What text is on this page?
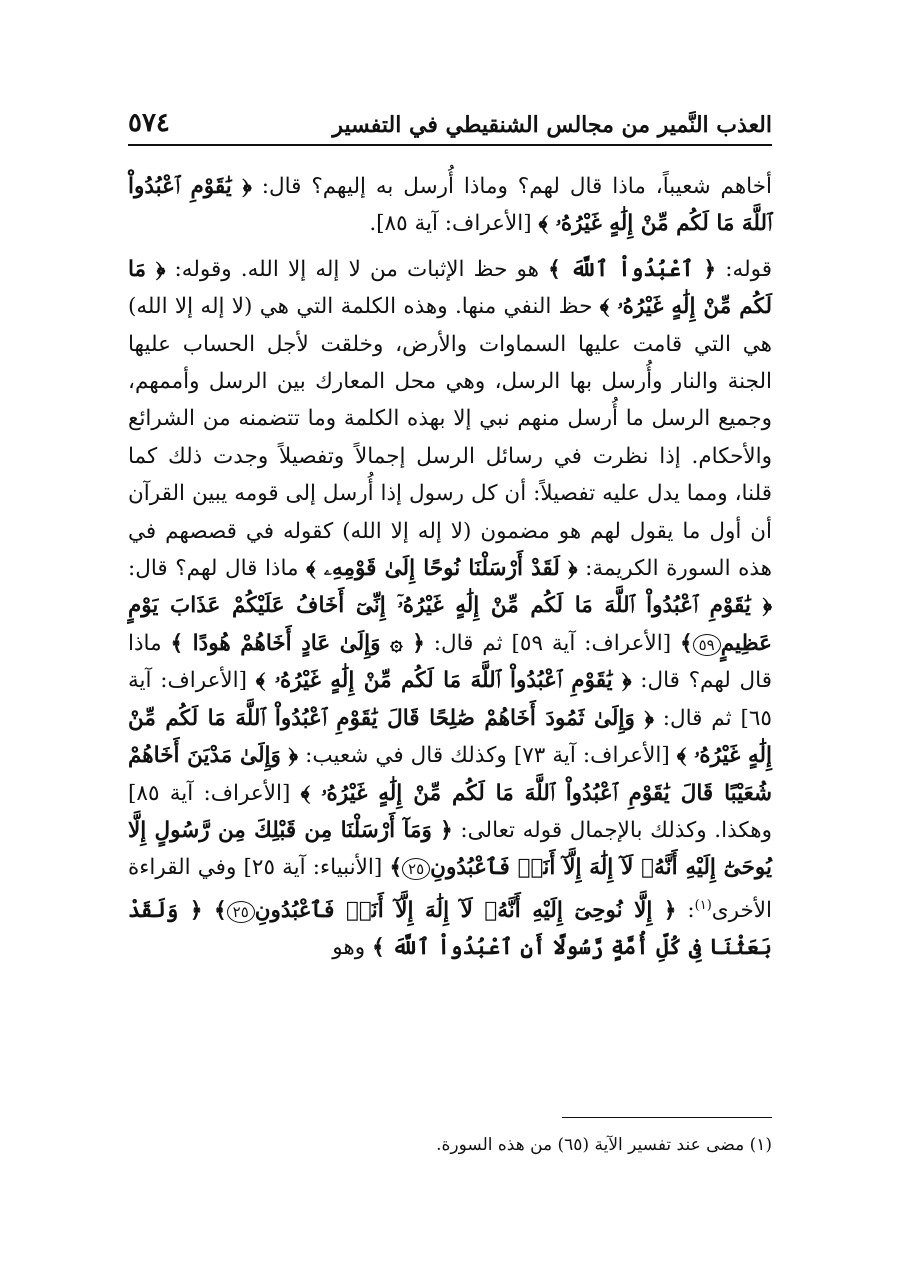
٥٧٤	العذب النَّمير من مجالس الشنقيطي في التفسير

أخاهم شعيباً، ماذا قال لهم؟ وماذا أُرسل به إليهم؟ قال: ﴿ يَٰقَوْمِ ٱعْبُدُواْ ٱللَّهَ مَا لَكُم مِّنْ إِلَٰهٍ غَيْرُهُۥ ﴾ [الأعراف: آية ٨٥].

قوله: ﴿ ٱعْبُدُواْ ٱللَّهَ ﴾ هو حظ الإثبات من لا إله إلا الله. وقوله: ﴿ مَا لَكُم مِّنْ إِلَٰهٍ غَيْرُهُۥ ﴾ حظ النفي منها. وهذه الكلمة التي هي (لا إله إلا الله) هي التي قامت عليها السماوات والأرض، وخلقت لأجل الحساب عليها الجنة والنار وأُرسل بها الرسل، وهي محل المعارك بين الرسل وأممهم، وجميع الرسل ما أُرسل منهم نبي إلا بهذه الكلمة وما تتضمنه من الشرائع والأحكام. إذا نظرت في رسائل الرسل إجمالاً وتفصيلاً وجدت ذلك كما قلنا، ومما يدل عليه تفصيلاً: أن كل رسول إذا أُرسل إلى قومه يبين القرآن أن أول ما يقول لهم هو مضمون (لا إله إلا الله) كقوله في قصصهم في هذه السورة الكريمة: ﴿ لَقَدْ أَرْسَلْنَا نُوحًا إِلَىٰ قَوْمِهِۦ ﴾ ماذا قال لهم؟ قال: ﴿ يَٰقَوْمِ ٱعْبُدُواْ ٱللَّهَ مَا لَكُم مِّنْ إِلَٰهٍ غَيْرُهُۥٓ إِنِّىٓ أَخَافُ عَلَيْكُمْ عَذَابَ يَوْمٍ عَظِيمٍ٥٩﴾ [الأعراف: آية ٥٩] ثم قال: ﴿ ۞ وَإِلَىٰ عَادٍ أَخَاهُمْ هُودًا ﴾ ماذا قال لهم؟ قال: ﴿ يَٰقَوْمِ ٱعْبُدُواْ ٱللَّهَ مَا لَكُم مِّنْ إِلَٰهٍ غَيْرُهُۥ ﴾ [الأعراف: آية ٦٥] ثم قال: ﴿ وَإِلَىٰ ثَمُودَ أَخَاهُمْ صَٰلِحًا قَالَ يَٰقَوْمِ ٱعْبُدُواْ ٱللَّهَ مَا لَكُم مِّنْ إِلَٰهٍ غَيْرُهُۥ ﴾ [الأعراف: آية ٧٣] وكذلك قال في شعيب: ﴿ وَإِلَىٰ مَدْيَنَ أَخَاهُمْ شُعَيْبًا قَالَ يَٰقَوْمِ ٱعْبُدُواْ ٱللَّهَ مَا لَكُم مِّنْ إِلَٰهٍ غَيْرُهُۥ ﴾ [الأعراف: آية ٨٥] وهكذا. وكذلك بالإجمال قوله تعالى: ﴿ وَمَآ أَرْسَلْنَا مِن قَبْلِكَ مِن رَّسُولٍ إِلَّا يُوحَىٰٓ إِلَيْهِ أَنَّهُۥ لَآ إِلَٰهَ إِلَّآ أَنَا۠ فَٱعْبُدُونِ٢٥﴾ [الأنبياء: آية ٢٥] وفي القراءة الأخرى$^{(١)}$: ﴿ إِلَّا نُوحِىٓ إِلَيْهِ أَنَّهُۥ لَآ إِلَٰهَ إِلَّآ أَنَا۠ فَٱعْبُدُونِ٢٥﴾ ﴿ وَلَقَدْ بَعَثْنَا فِى كُلِّ أُمَّةٍ رَّسُولًا أَنِ ٱعْبُدُواْ ٱللَّهَ ﴾ وهو

(١) مضى عند تفسير الآية (٦٥) من هذه السورة.
